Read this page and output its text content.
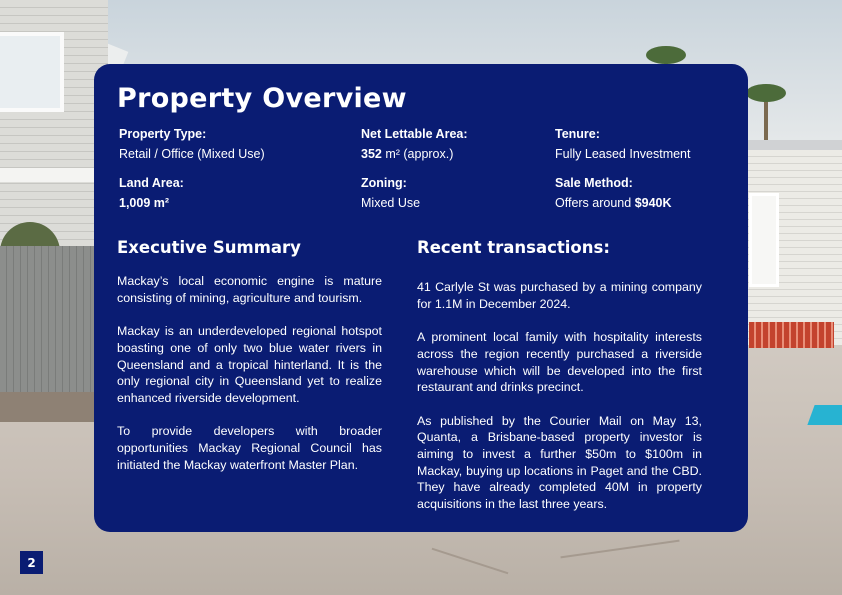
Property Overview
Property Type:
Retail / Office (Mixed Use)
Net Lettable Area:
352 m² (approx.)
Tenure:
Fully Leased Investment
Land Area:
1,009 m²
Zoning:
Mixed Use
Sale Method:
Offers around $940K
Executive Summary

Mackay’s local economic engine is mature consisting of mining, agriculture and tourism.

Mackay is an underdeveloped regional hotspot boasting one of only two blue water rivers in Queensland and a tropical hinterland. It is the only regional city in Queensland yet to realize enhanced riverside development.

To provide developers with broader opportunities Mackay Regional Council has initiated the Mackay waterfront Master Plan.

Recent transactions:

41 Carlyle St was purchased by a mining company for 1.1M in December 2024.

A prominent local family with hospitality interests across the region recently purchased a riverside warehouse which will be developed into the first restaurant and drinks precinct.

As published by the Courier Mail on May 13, Quanta, a Brisbane-based property investor is aiming to invest a further $50m to $100m in Mackay, buying up locations in Paget and the CBD. They have already completed 40M in property acquisitions in the last three years.

2
